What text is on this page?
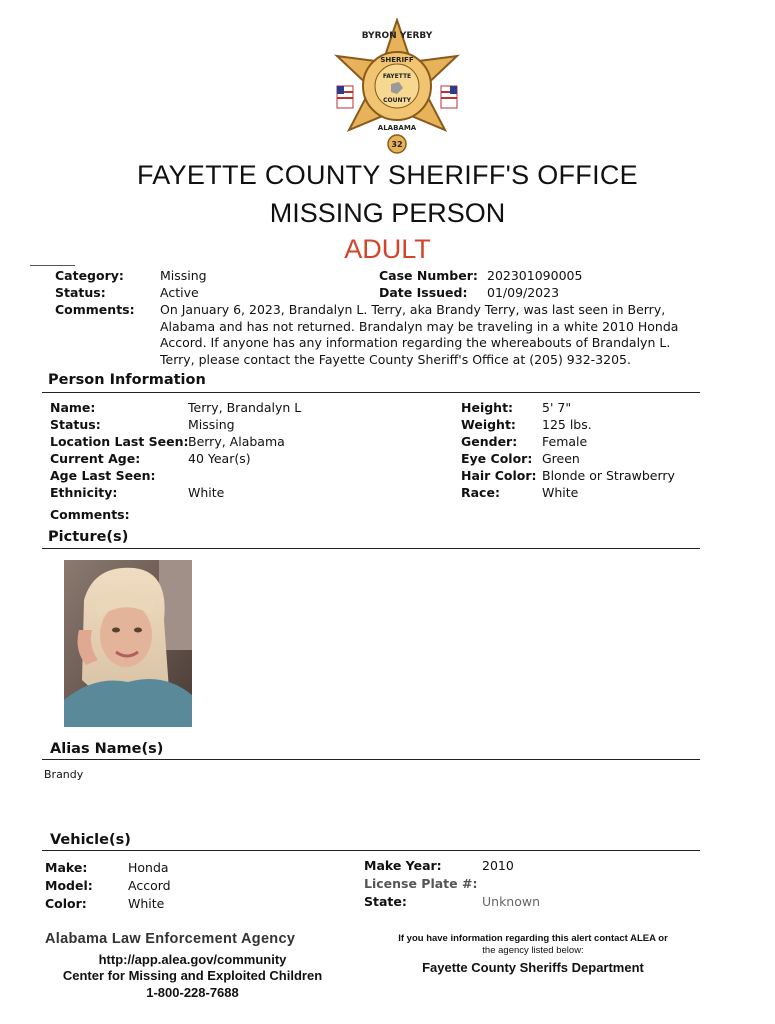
BYRON YERBY
SHERIFF
FAYETTE
COUNTY
ALABAMA
32
FAYETTE COUNTY SHERIFF'S OFFICE
MISSING PERSON
ADULT
Category:	Missing
Status:	Active
Case Number: 202301090005
Date Issued: 01/09/2023
Comments: On January 6, 2023, Brandalyn L. Terry, aka Brandy Terry, was last seen in Berry,
Alabama and has not returned. Brandalyn may be traveling in a white 2010 Honda
Accord. If anyone has any information regarding the whereabouts of Brandalyn L.
Terry, please contact the Fayette County Sheriff's Office at (205) 932-3205.
Person Information
Name:	Terry, Brandalyn L
Status:	Missing
Location Last Seen: Berry, Alabama
Current Age:	40 Year(s)
Age Last Seen:
Ethnicity:	White
Height: 5' 7"
Weight: 125 lbs.
Gender: Female
Eye Color: Green
Hair Color: Blonde or Strawberry
Race:	White
Comments:
Picture(s)
Alias Name(s)
Brandy
Vehicle(s)
Make:	Honda
Model:	Accord
Color:	White
Make Year:	2010
License Plate #:
State:	Unknown
Alabama Law Enforcement Agency
http://app.alea.gov/community
Center for Missing and Exploited Children
1-800-228-7688
If you have information regarding this alert contact ALEA or
the agency listed below:
Fayette County Sheriffs Department
